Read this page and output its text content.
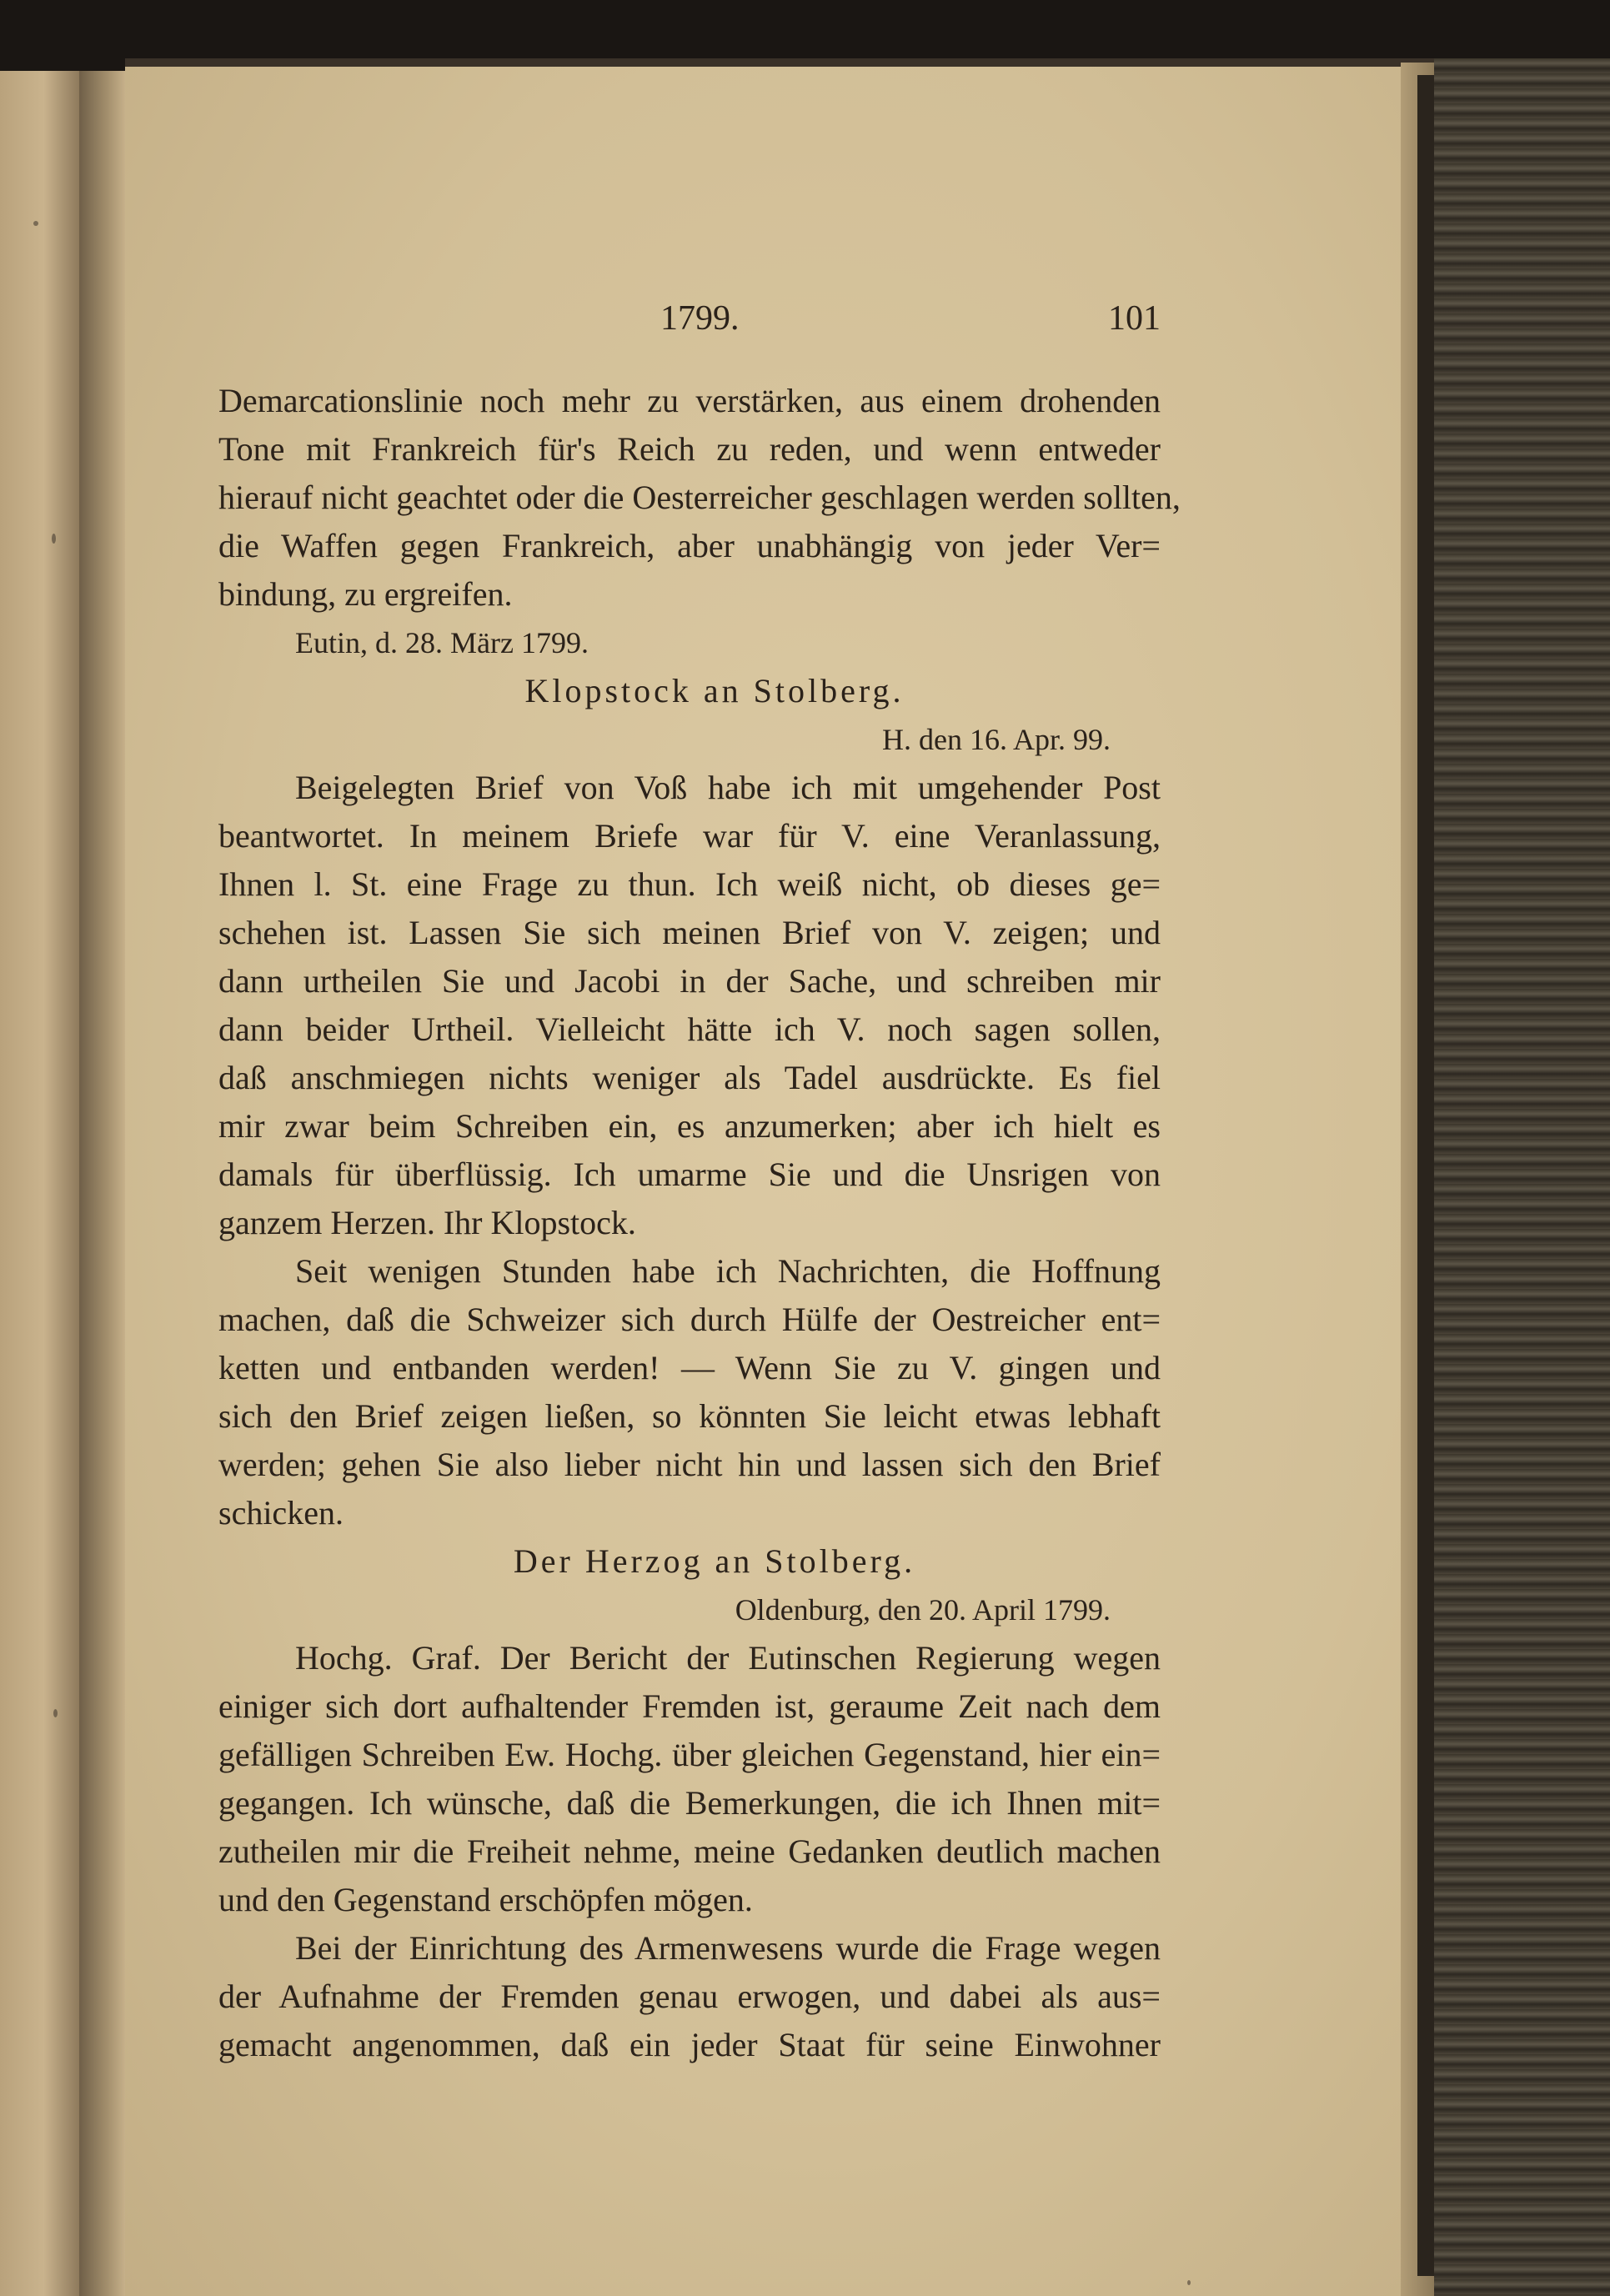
1799.	101
Demarcationslinie noch mehr zu verstärken, aus einem drohenden
Tone mit Frankreich für's Reich zu reden, und wenn entweder
hierauf nicht geachtet oder die Oesterreicher geschlagen werden sollten,
die Waffen gegen Frankreich, aber unabhängig von jeder Ver=
bindung, zu ergreifen.
Eutin, d. 28. März 1799.
Klopstock an Stolberg.
H. den 16. Apr. 99.
Beigelegten Brief von Voß habe ich mit umgehender Post
beantwortet. In meinem Briefe war für V. eine Veranlassung,
Ihnen l. St. eine Frage zu thun. Ich weiß nicht, ob dieses ge=
schehen ist. Lassen Sie sich meinen Brief von V. zeigen; und
dann urtheilen Sie und Jacobi in der Sache, und schreiben mir
dann beider Urtheil. Vielleicht hätte ich V. noch sagen sollen,
daß anschmiegen nichts weniger als Tadel ausdrückte. Es fiel
mir zwar beim Schreiben ein, es anzumerken; aber ich hielt es
damals für überflüssig. Ich umarme Sie und die Unsrigen von
ganzem Herzen. Ihr Klopstock.
Seit wenigen Stunden habe ich Nachrichten, die Hoffnung
machen, daß die Schweizer sich durch Hülfe der Oestreicher ent=
ketten und entbanden werden! — Wenn Sie zu V. gingen und
sich den Brief zeigen ließen, so könnten Sie leicht etwas lebhaft
werden; gehen Sie also lieber nicht hin und lassen sich den Brief
schicken.
Der Herzog an Stolberg.
Oldenburg, den 20. April 1799.
Hochg. Graf. Der Bericht der Eutinschen Regierung wegen
einiger sich dort aufhaltender Fremden ist, geraume Zeit nach dem
gefälligen Schreiben Ew. Hochg. über gleichen Gegenstand, hier ein=
gegangen. Ich wünsche, daß die Bemerkungen, die ich Ihnen mit=
zutheilen mir die Freiheit nehme, meine Gedanken deutlich machen
und den Gegenstand erschöpfen mögen.
Bei der Einrichtung des Armenwesens wurde die Frage wegen
der Aufnahme der Fremden genau erwogen, und dabei als aus=
gemacht angenommen, daß ein jeder Staat für seine Einwohner
